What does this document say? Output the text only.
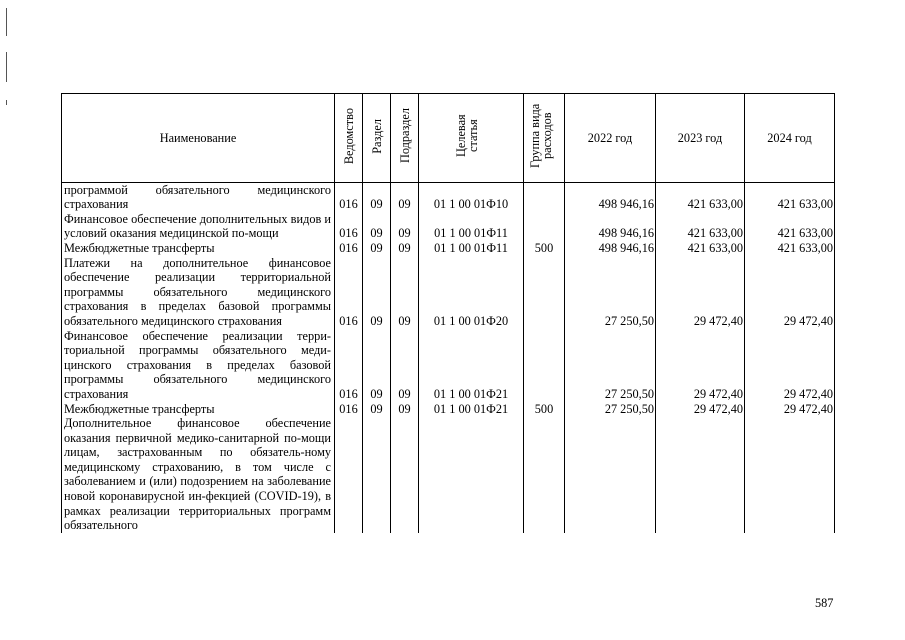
Наименование	Ведомство	Раздел	Подраздел	Целевая статья	Группа вида расходов	2022 год	2023 год	2024 год
программой обязательного медицинского страхования	016	09	09	01 1 00 01Ф10		498 946,16	421 633,00	421 633,00
Финансовое обеспечение дополнительных видов и условий оказания медицинской по-мощи	016	09	09	01 1 00 01Ф11		498 946,16	421 633,00	421 633,00
Межбюджетные трансферты	016	09	09	01 1 00 01Ф11	500	498 946,16	421 633,00	421 633,00
Платежи на дополнительное финансовое обеспечение реализации территориальной программы обязательного медицинского страхования в пределах базовой программы обязательного медицинского страхования	016	09	09	01 1 00 01Ф20		27 250,50	29 472,40	29 472,40
Финансовое обеспечение реализации терри-ториальной программы обязательного меди-цинского страхования в пределах базовой программы обязательного медицинского страхования	016	09	09	01 1 00 01Ф21		27 250,50	29 472,40	29 472,40
Межбюджетные трансферты	016	09	09	01 1 00 01Ф21	500	27 250,50	29 472,40	29 472,40
Дополнительное финансовое обеспечение оказания первичной медико-санитарной по-мощи лицам, застрахованным по обязатель-ному медицинскому страхованию, в том числе с заболеванием и (или) подозрением на заболевание новой коронавирусной ин-фекцией (COVID-19), в рамках реализации территориальных программ обязательного								
587
